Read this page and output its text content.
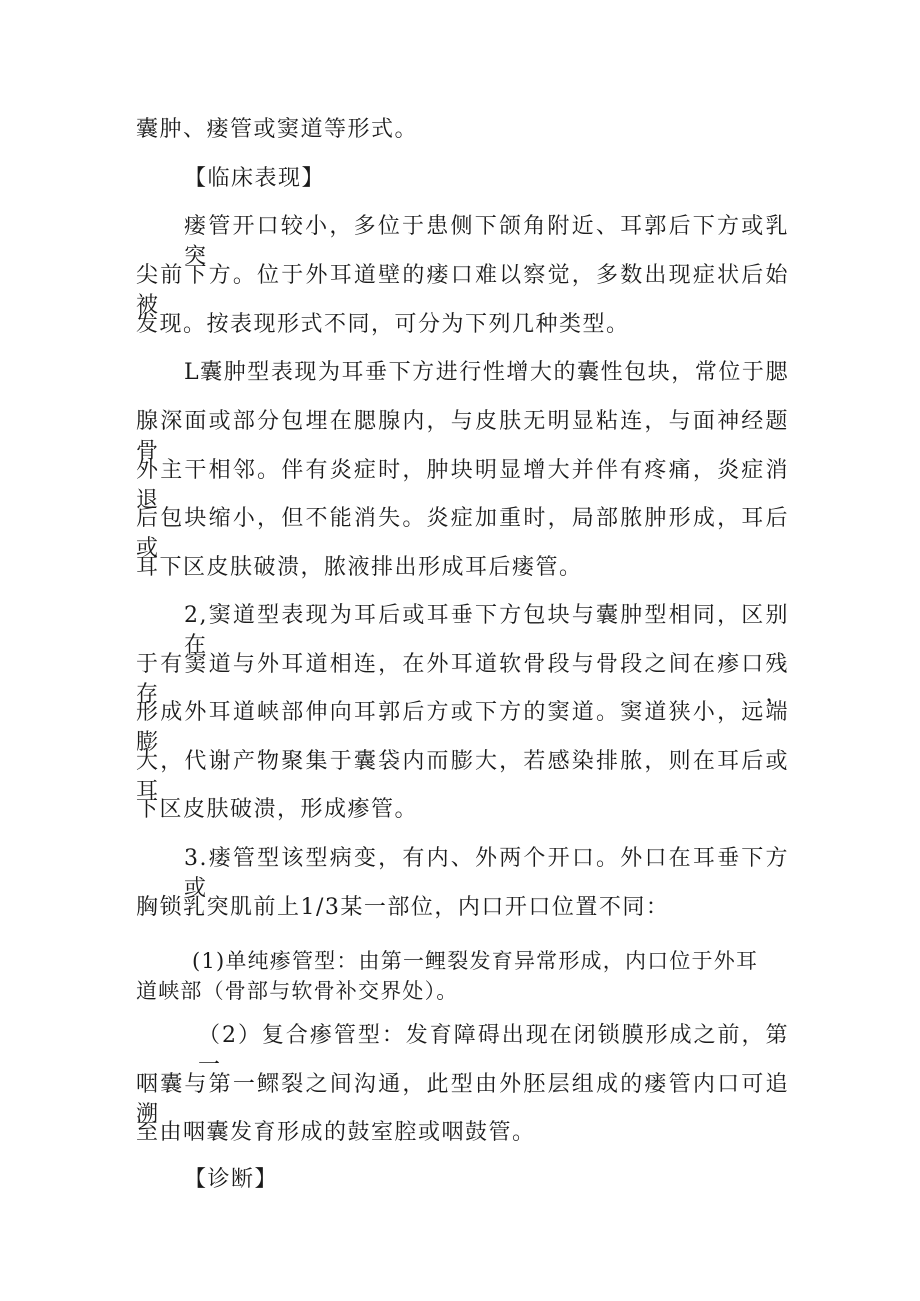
囊肿、瘘管或窦道等形式。
【临床表现】
瘘管开口较小，多位于患侧下颌角附近、耳郭后下方或乳突
尖前下方。位于外耳道壁的瘘口难以察觉，多数出现症状后始被
发现。按表现形式不同，可分为下列几种类型。
L囊肿型表现为耳垂下方进行性增大的囊性包块，常位于腮
腺深面或部分包埋在腮腺内，与皮肤无明显粘连，与面神经题骨
外主干相邻。伴有炎症时，肿块明显增大并伴有疼痛，炎症消退
后包块缩小，但不能消失。炎症加重时，局部脓肿形成，耳后或
耳下区皮肤破溃，脓液排出形成耳后瘘管。
2,窦道型表现为耳后或耳垂下方包块与囊肿型相同，区别在
于有窦道与外耳道相连，在外耳道软骨段与骨段之间在瘆口残存，
形成外耳道峡部伸向耳郭后方或下方的窦道。窦道狭小，远端膨
大，代谢产物聚集于囊袋内而膨大，若感染排脓，则在耳后或耳
下区皮肤破溃，形成瘆管。
3.瘘管型该型病变，有内、外两个开口。外口在耳垂下方或
胸锁乳突肌前上1/3某一部位，内口开口位置不同：
(1)单纯瘆管型：由第一鲤裂发育异常形成，内口位于外耳
道峡部（骨部与软骨补交界处）。
（2）复合瘆管型：发育障碍出现在闭锁膜形成之前，第一
咽囊与第一鳏裂之间沟通，此型由外胚层组成的瘘管内口可追溯
至由咽囊发育形成的鼓室腔或咽鼓管。
【诊断】
